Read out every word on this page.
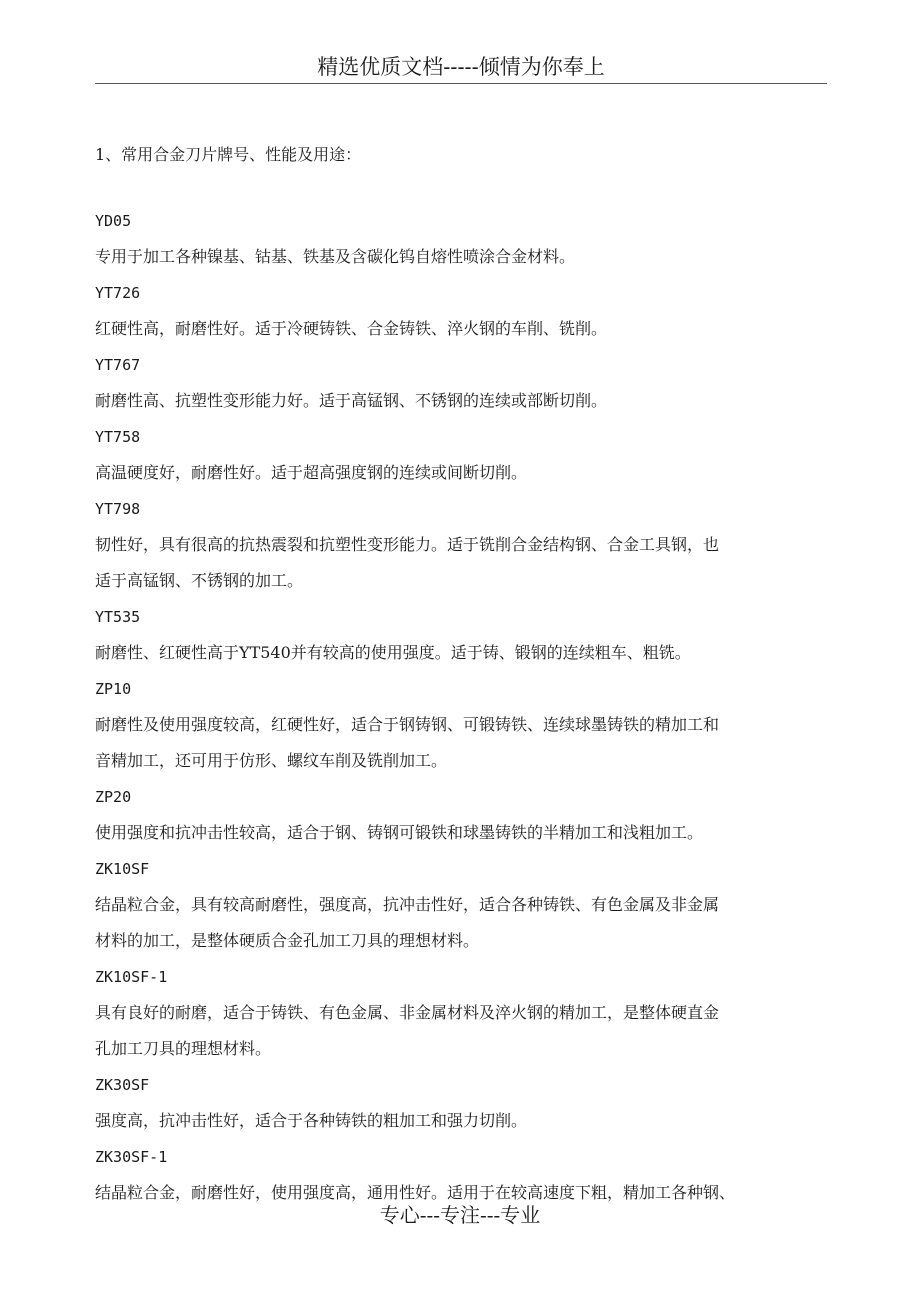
精选优质文档-----倾情为你奉上
1、常用合金刀片牌号、性能及用途：
YD05
专用于加工各种镍基、钴基、铁基及含碳化钨自熔性喷涂合金材料。
YT726
红硬性高，耐磨性好。适于冷硬铸铁、合金铸铁、淬火钢的车削、铣削。
YT767
耐磨性高、抗塑性变形能力好。适于高锰钢、不锈钢的连续或部断切削。
YT758
高温硬度好，耐磨性好。适于超高强度钢的连续或间断切削。
YT798
韧性好，具有很高的抗热震裂和抗塑性变形能力。适于铣削合金结构钢、合金工具钢，也
适于高锰钢、不锈钢的加工。
YT535
耐磨性、红硬性高于YT540并有较高的使用强度。适于铸、锻钢的连续粗车、粗铣。
ZP10
耐磨性及使用强度较高，红硬性好，适合于钢铸钢、可锻铸铁、连续球墨铸铁的精加工和
音精加工，还可用于仿形、螺纹车削及铣削加工。
ZP20
使用强度和抗冲击性较高，适合于钢、铸钢可锻铁和球墨铸铁的半精加工和浅粗加工。
ZK10SF
结晶粒合金，具有较高耐磨性，强度高，抗冲击性好，适合各种铸铁、有色金属及非金属
材料的加工，是整体硬质合金孔加工刀具的理想材料。
ZK10SF-1
具有良好的耐磨，适合于铸铁、有色金属、非金属材料及淬火钢的精加工，是整体硬直金
孔加工刀具的理想材料。
ZK30SF
强度高，抗冲击性好，适合于各种铸铁的粗加工和强力切削。
ZK30SF-1
结晶粒合金，耐磨性好，使用强度高，通用性好。适用于在较高速度下粗，精加工各种钢、
专心---专注---专业
